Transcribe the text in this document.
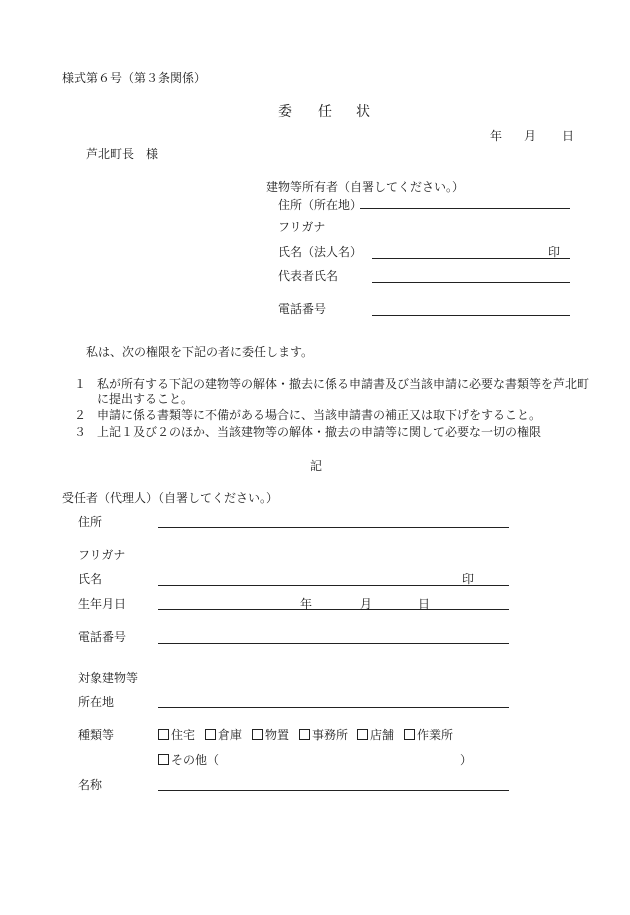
様式第６号（第３条関係）
委 任 状
年 月 日
芦北町長　様
建物等所有者（自署してください。）
住所（所在地）
フリガナ
氏名（法人名）	印
代表者氏名
電話番号
私は、次の権限を下記の者に委任します。
１ 私が所有する下記の建物等の解体・撤去に係る申請書及び当該申請に必要な書類等を芦北町
に提出すること。
２ 申請に係る書類等に不備がある場合に、当該申請書の補正又は取下げをすること。
３ 上記１及び２のほか、当該建物等の解体・撤去の申請等に関して必要な一切の権限
記
受任者（代理人）（自署してください。）
住所
フリガナ
氏名	印
生年月日	年	月	日
電話番号
対象建物等
所在地
種類等	住宅	倉庫	物置	事務所	店舗	作業所
その他（	）
名称
